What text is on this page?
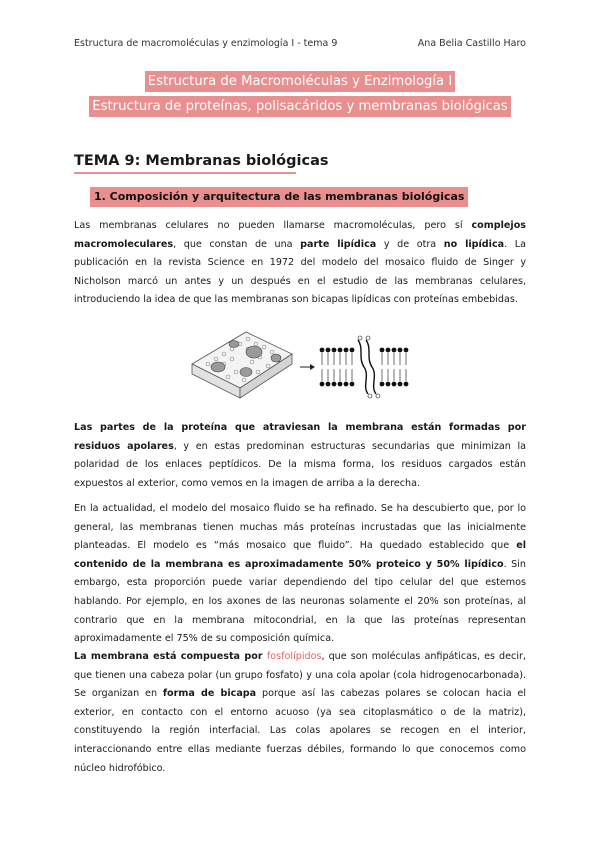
Estructura de macromoléculas y enzimología I - tema 9	Ana Belia Castillo Haro
Estructura de Macromoléculas y Enzimología I
Estructura de proteínas, polisacáridos y membranas biológicas
TEMA 9: Membranas biológicas
1. Composición y arquitectura de las membranas biológicas
Las membranas celulares no pueden llamarse macromoléculas, pero sí complejos macromoleculares, que constan de una parte lipídica y de otra no lipídica. La publicación en la revista Science en 1972 del modelo del mosaico fluido de Singer y Nicholson marcó un antes y un después en el estudio de las membranas celulares, introduciendo la idea de que las membranas son bicapas lipídicas con proteínas embebidas.
Las partes de la proteína que atraviesan la membrana están formadas por residuos apolares, y en estas predominan estructuras secundarias que minimizan la polaridad de los enlaces peptídicos. De la misma forma, los residuos cargados están expuestos al exterior, como vemos en la imagen de arriba a la derecha.
En la actualidad, el modelo del mosaico fluido se ha refinado. Se ha descubierto que, por lo general, las membranas tienen muchas más proteínas incrustadas que las inicialmente planteadas. El modelo es “más mosaico que fluido”. Ha quedado establecido que el contenido de la membrana es aproximadamente 50% proteico y 50% lipídico. Sin embargo, esta proporción puede variar dependiendo del tipo celular del que estemos hablando. Por ejemplo, en los axones de las neuronas solamente el 20% son proteínas, al contrario que en la membrana mitocondrial, en la que las proteínas representan aproximadamente el 75% de su composición química.
La membrana está compuesta por fosfolípidos, que son moléculas anfipáticas, es decir, que tienen una cabeza polar (un grupo fosfato) y una cola apolar (cola hidrogenocarbonada). Se organizan en forma de bicapa porque así las cabezas polares se colocan hacia el exterior, en contacto con el entorno acuoso (ya sea citoplasmático o de la matriz), constituyendo la región interfacial. Las colas apolares se recogen en el interior, interaccionando entre ellas mediante fuerzas débiles, formando lo que conocemos como núcleo hidrofóbico.
